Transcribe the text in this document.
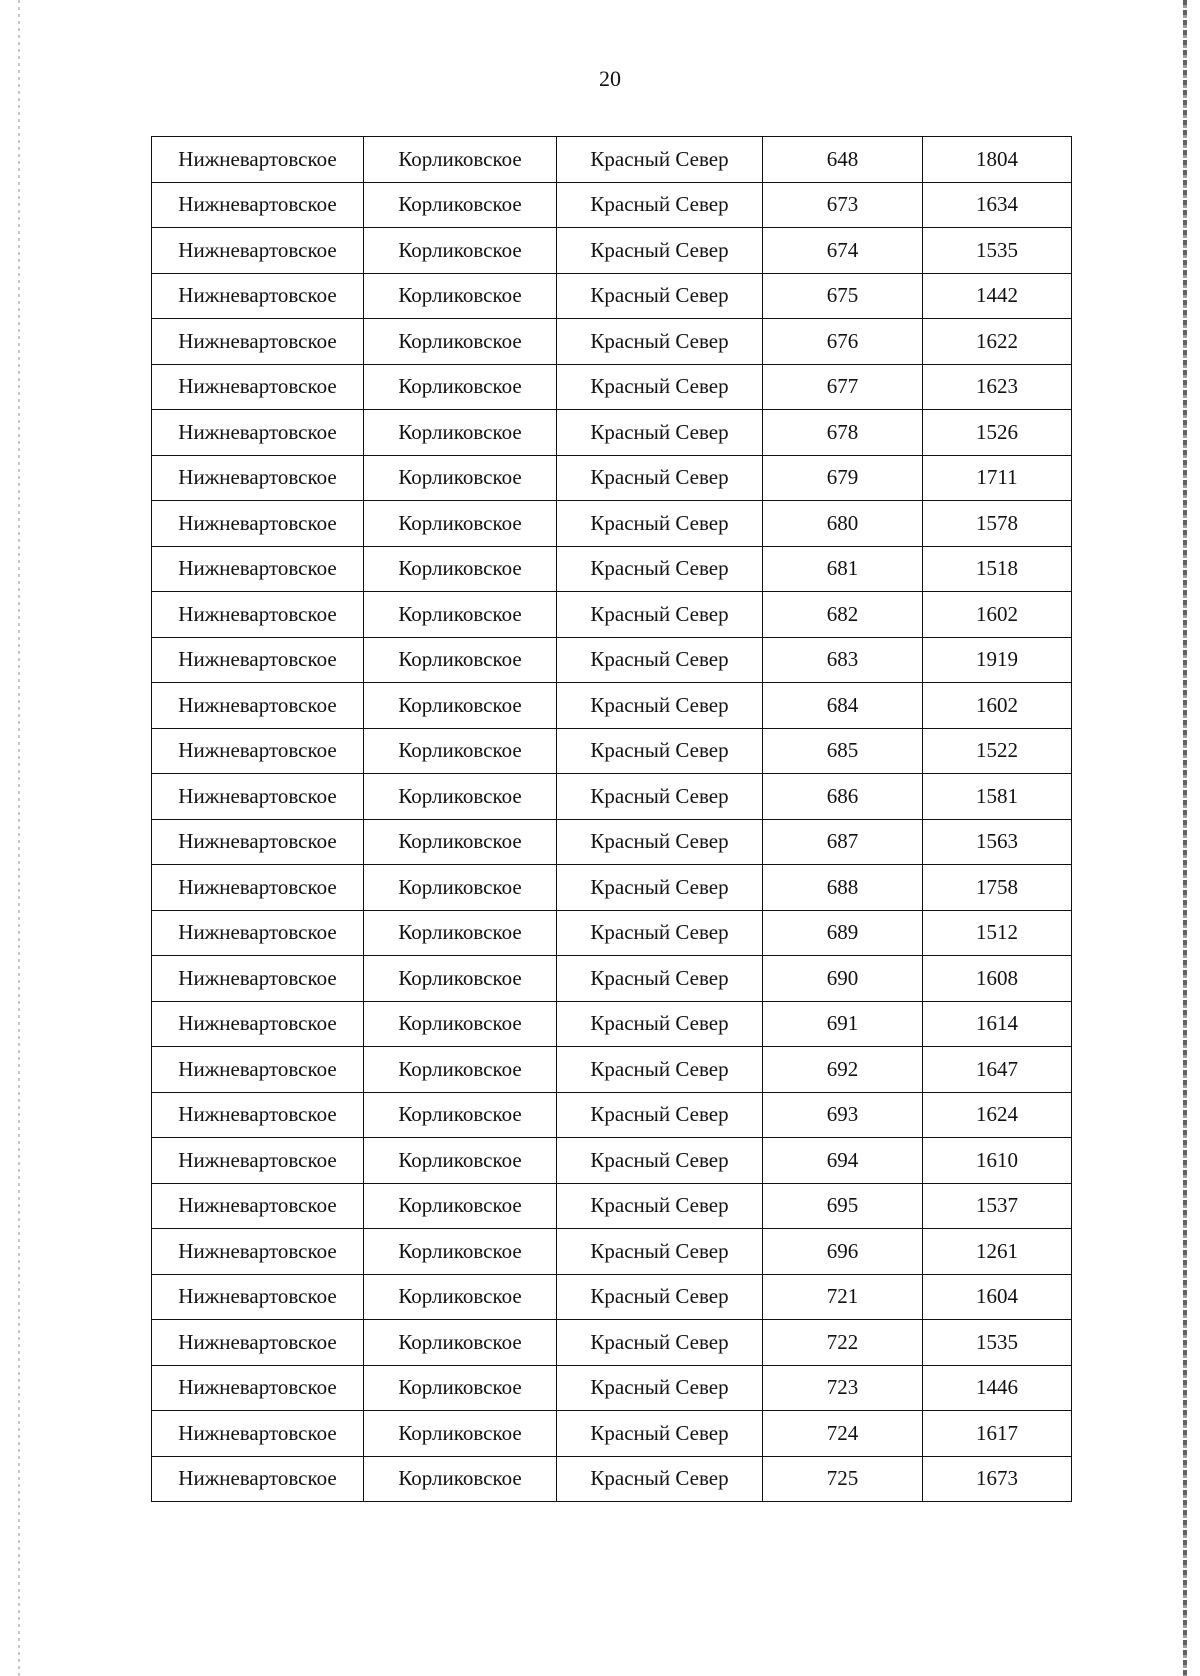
20
Нижневартовское	Корликовское	Красный Север	648	1804
Нижневартовское	Корликовское	Красный Север	673	1634
Нижневартовское	Корликовское	Красный Север	674	1535
Нижневартовское	Корликовское	Красный Север	675	1442
Нижневартовское	Корликовское	Красный Север	676	1622
Нижневартовское	Корликовское	Красный Север	677	1623
Нижневартовское	Корликовское	Красный Север	678	1526
Нижневартовское	Корликовское	Красный Север	679	1711
Нижневартовское	Корликовское	Красный Север	680	1578
Нижневартовское	Корликовское	Красный Север	681	1518
Нижневартовское	Корликовское	Красный Север	682	1602
Нижневартовское	Корликовское	Красный Север	683	1919
Нижневартовское	Корликовское	Красный Север	684	1602
Нижневартовское	Корликовское	Красный Север	685	1522
Нижневартовское	Корликовское	Красный Север	686	1581
Нижневартовское	Корликовское	Красный Север	687	1563
Нижневартовское	Корликовское	Красный Север	688	1758
Нижневартовское	Корликовское	Красный Север	689	1512
Нижневартовское	Корликовское	Красный Север	690	1608
Нижневартовское	Корликовское	Красный Север	691	1614
Нижневартовское	Корликовское	Красный Север	692	1647
Нижневартовское	Корликовское	Красный Север	693	1624
Нижневартовское	Корликовское	Красный Север	694	1610
Нижневартовское	Корликовское	Красный Север	695	1537
Нижневартовское	Корликовское	Красный Север	696	1261
Нижневартовское	Корликовское	Красный Север	721	1604
Нижневартовское	Корликовское	Красный Север	722	1535
Нижневартовское	Корликовское	Красный Север	723	1446
Нижневартовское	Корликовское	Красный Север	724	1617
Нижневартовское	Корликовское	Красный Север	725	1673
